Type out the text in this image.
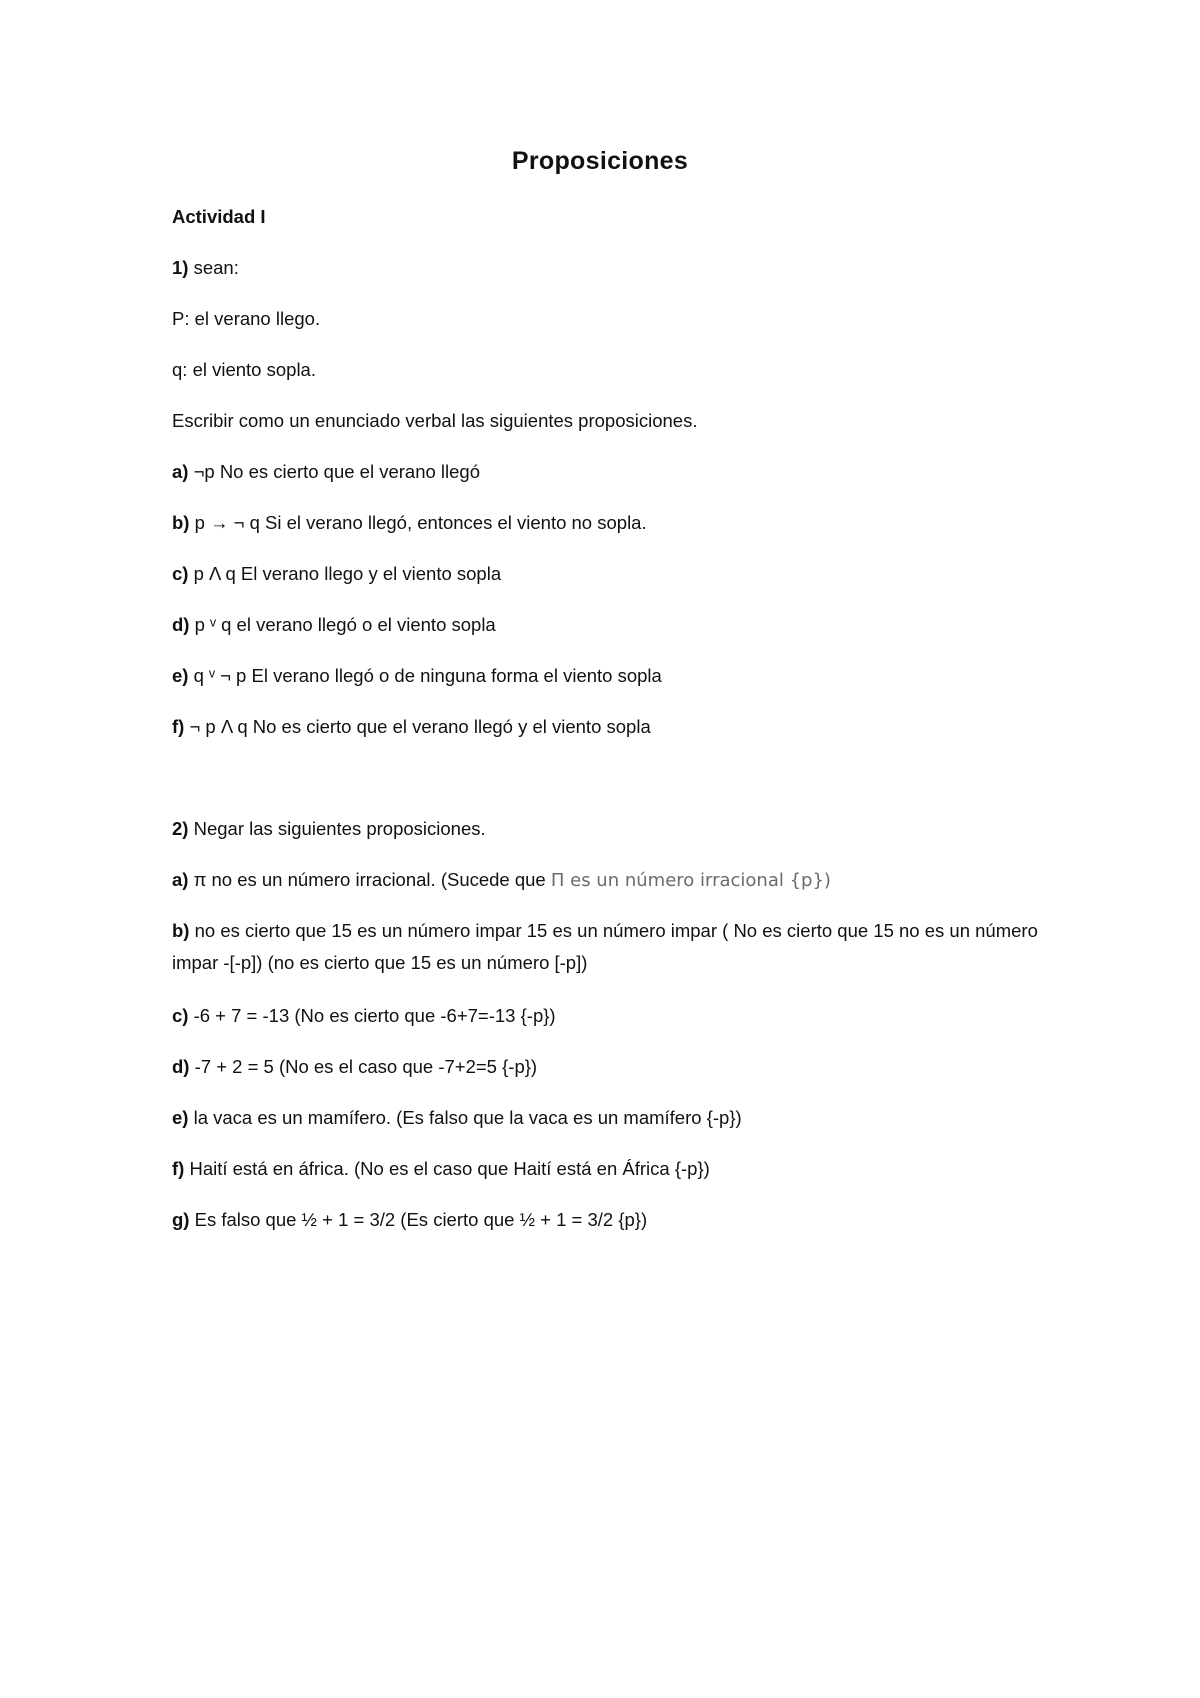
Proposiciones
Actividad I
1) sean:
P: el verano llego.
q: el viento sopla.
Escribir como un enunciado verbal las siguientes proposiciones.
a) ¬p No es cierto que el verano llegó
b) p → ¬ q Si el verano llegó, entonces el viento no sopla.
c) p Λ q El verano llego y el viento sopla
d) p ᵛ q el verano llegó o el viento sopla
e) q ᵛ ¬ p El verano llegó o de ninguna forma el viento sopla
f) ¬ p Λ q No es cierto que el verano llegó y el viento sopla
2) Negar las siguientes proposiciones.
a) π no es un número irracional. (Sucede que Π es un número irracional {p})
b) no es cierto que 15 es un número impar 15 es un número impar ( No es cierto que 15 no es un número impar -[-p]) (no es cierto que 15 es un número [-p])
c) -6 + 7 = -13 (No es cierto que -6+7=-13 {-p})
d) -7 + 2 = 5 (No es el caso que -7+2=5 {-p})
e) la vaca es un mamífero. (Es falso que la vaca es un mamífero {-p})
f) Haití está en áfrica. (No es el caso que Haití está en África {-p})
g) Es falso que ½ + 1 = 3/2 (Es cierto que ½ + 1 = 3/2 {p})
